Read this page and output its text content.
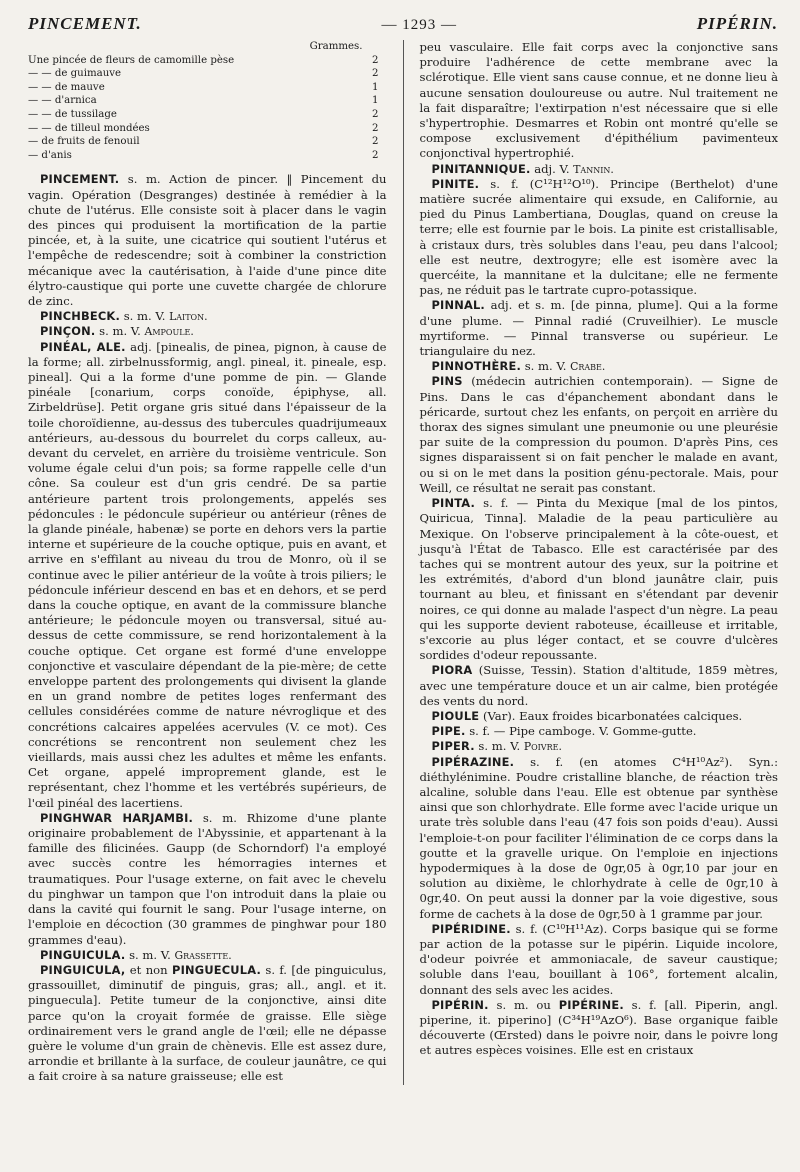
PINCEMENT.	— 1293 —	PIPÉRIN.
Grammes.
Une pincée de fleurs de camomille pèse	2
— — de guimauve	2
— — de mauve	1
— — d'arnica	1
— — de tussilage	2
— — de tilleul mondées	2
— de fruits de fenouil	2
— d'anis	2

PINCEMENT. s. m. Action de pincer. ‖ Pincement du vagin. Opération (Desgranges) destinée à remédier à la chute de l'utérus. Elle consiste soit à placer dans le vagin des pinces qui produisent la mortification de la partie pincée, et, à la suite, une cicatrice qui soutient l'utérus et l'empêche de redescendre; soit à combiner la constriction mécanique avec la cautérisation, à l'aide d'une pince dite élytro-caustique qui porte une cuvette chargée de chlorure de zinc.

PINCHBECK. s. m. V. Laiton.

PINÇON. s. m. V. Ampoule.

PINÉAL, ALE. adj. [pinealis, de pinea, pignon, à cause de la forme; all. zirbelnussformig, angl. pineal, it. pineale, esp. pineal]. Qui a la forme d'une pomme de pin. — Glande pinéale [conarium, corps conoïde, épiphyse, all. Zirbeldrüse]. Petit organe gris situé dans l'épaisseur de la toile choroïdienne, au-dessus des tubercules quadrijumeaux antérieurs, au-dessous du bourrelet du corps calleux, au-devant du cervelet, en arrière du troisième ventricule. Son volume égale celui d'un pois; sa forme rappelle celle d'un cône. Sa couleur est d'un gris cendré. De sa partie antérieure partent trois prolongements, appelés ses pédoncules : le pédoncule supérieur ou antérieur (rênes de la glande pinéale, habenæ) se porte en dehors vers la partie interne et supérieure de la couche optique, puis en avant, et arrive en s'effilant au niveau du trou de Monro, où il se continue avec le pilier antérieur de la voûte à trois piliers; le pédoncule inférieur descend en bas et en dehors, et se perd dans la couche optique, en avant de la commissure blanche antérieure; le pédoncule moyen ou transversal, situé au-dessus de cette commissure, se rend horizontalement à la couche optique. Cet organe est formé d'une enveloppe conjonctive et vasculaire dépendant de la pie-mère; de cette enveloppe partent des prolongements qui divisent la glande en un grand nombre de petites loges renfermant des cellules considérées comme de nature névroglique et des concrétions calcaires appelées acervules (V. ce mot). Ces concrétions se rencontrent non seulement chez les vieillards, mais aussi chez les adultes et même les enfants. Cet organe, appelé improprement glande, est le représentant, chez l'homme et les vertébrés supérieurs, de l'œil pinéal des lacertiens.

PINGHWAR HARJAMBI. s. m. Rhizome d'une plante originaire probablement de l'Abyssinie, et appartenant à la famille des filicinées. Gaupp (de Schorndorf) l'a employé avec succès contre les hémorragies internes et traumatiques. Pour l'usage externe, on fait avec le chevelu du pinghwar un tampon que l'on introduit dans la plaie ou dans la cavité qui fournit le sang. Pour l'usage interne, on l'emploie en décoction (30 grammes de pinghwar pour 180 grammes d'eau).

PINGUICULA. s. m. V. Grassette.

PINGUICULA, et non PINGUECULA. s. f. [de pinguiculus, grassouillet, diminutif de pinguis, gras; all., angl. et it. pinguecula]. Petite tumeur de la conjonctive, ainsi dite parce qu'on la croyait formée de graisse. Elle siège ordinairement vers le grand angle de l'œil; elle ne dépasse guère le volume d'un grain de chènevis. Elle est assez dure, arrondie et brillante à la surface, de couleur jaunâtre, ce qui a fait croire à sa nature graisseuse; elle est

peu vasculaire. Elle fait corps avec la conjonctive sans produire l'adhérence de cette membrane avec la sclérotique. Elle vient sans cause connue, et ne donne lieu à aucune sensation douloureuse ou autre. Nul traitement ne la fait disparaître; l'extirpation n'est nécessaire que si elle s'hypertrophie. Desmarres et Robin ont montré qu'elle se compose exclusivement d'épithélium pavimenteux conjonctival hypertrophié.

PINITANNIQUE. adj. V. Tannin.

PINITE. s. f. (C¹²H¹²O¹⁰). Principe (Berthelot) d'une matière sucrée alimentaire qui exsude, en Californie, au pied du Pinus Lambertiana, Douglas, quand on creuse la terre; elle est fournie par le bois. La pinite est cristallisable, à cristaux durs, très solubles dans l'eau, peu dans l'alcool; elle est neutre, dextrogyre; elle est isomère avec la quercéite, la mannitane et la dulcitane; elle ne fermente pas, ne réduit pas le tartrate cupro-potassique.

PINNAL. adj. et s. m. [de pinna, plume]. Qui a la forme d'une plume. — Pinnal radié (Cruveilhier). Le muscle myrtiforme. ― Pinnal transverse ou supérieur. Le triangulaire du nez.

PINNOTHÈRE. s. m. V. Crabe.

PINS (médecin autrichien contemporain). — Signe de Pins. Dans le cas d'épanchement abondant dans le péricarde, surtout chez les enfants, on perçoit en arrière du thorax des signes simulant une pneumonie ou une pleurésie par suite de la compression du poumon. D'après Pins, ces signes disparaissent si on fait pencher le malade en avant, ou si on le met dans la position génu-pectorale. Mais, pour Weill, ce résultat ne serait pas constant.

PINTA. s. f. — Pinta du Mexique [mal de los pintos, Quiricua, Tinna]. Maladie de la peau particulière au Mexique. On l'observe principalement à la côte-ouest, et jusqu'à l'État de Tabasco. Elle est caractérisée par des taches qui se montrent autour des yeux, sur la poitrine et les extrémités, d'abord d'un blond jaunâtre clair, puis tournant au bleu, et finissant en s'étendant par devenir noires, ce qui donne au malade l'aspect d'un nègre. La peau qui les supporte devient raboteuse, écailleuse et irritable, s'excorie au plus léger contact, et se couvre d'ulcères sordides d'odeur repoussante.

PIORA (Suisse, Tessin). Station d'altitude, 1859 mètres, avec une température douce et un air calme, bien protégée des vents du nord.

PIOULE (Var). Eaux froides bicarbonatées calciques.

PIPE. s. f. — Pipe camboge. V. Gomme-gutte.

PIPER. s. m. V. Poivre.

PIPÉRAZINE. s. f. (en atomes C⁴H¹⁰Az²). Syn.: diéthylénimine. Poudre cristalline blanche, de réaction très alcaline, soluble dans l'eau. Elle est obtenue par synthèse ainsi que son chlorhydrate. Elle forme avec l'acide urique un urate très soluble dans l'eau (47 fois son poids d'eau). Aussi l'emploie-t-on pour faciliter l'élimination de ce corps dans la goutte et la gravelle urique. On l'emploie en injections hypodermiques à la dose de 0gr,05 à 0gr,10 par jour en solution au dixième, le chlorhydrate à celle de 0gr,10 à 0gr,40. On peut aussi la donner par la voie digestive, sous forme de cachets à la dose de 0gr,50 à 1 gramme par jour.

PIPÉRIDINE. s. f. (C¹⁰H¹¹Az). Corps basique qui se forme par action de la potasse sur le pipérin. Liquide incolore, d'odeur poivrée et ammoniacale, de saveur caustique; soluble dans l'eau, bouillant à 106°, fortement alcalin, donnant des sels avec les acides.

PIPÉRIN. s. m. ou PIPÉRINE. s. f. [all. Piperin, angl. piperine, it. piperino] (C³⁴H¹⁹AzO⁶). Base organique faible découverte (Œrsted) dans le poivre noir, dans le poivre long et autres espèces voisines. Elle est en cristaux
